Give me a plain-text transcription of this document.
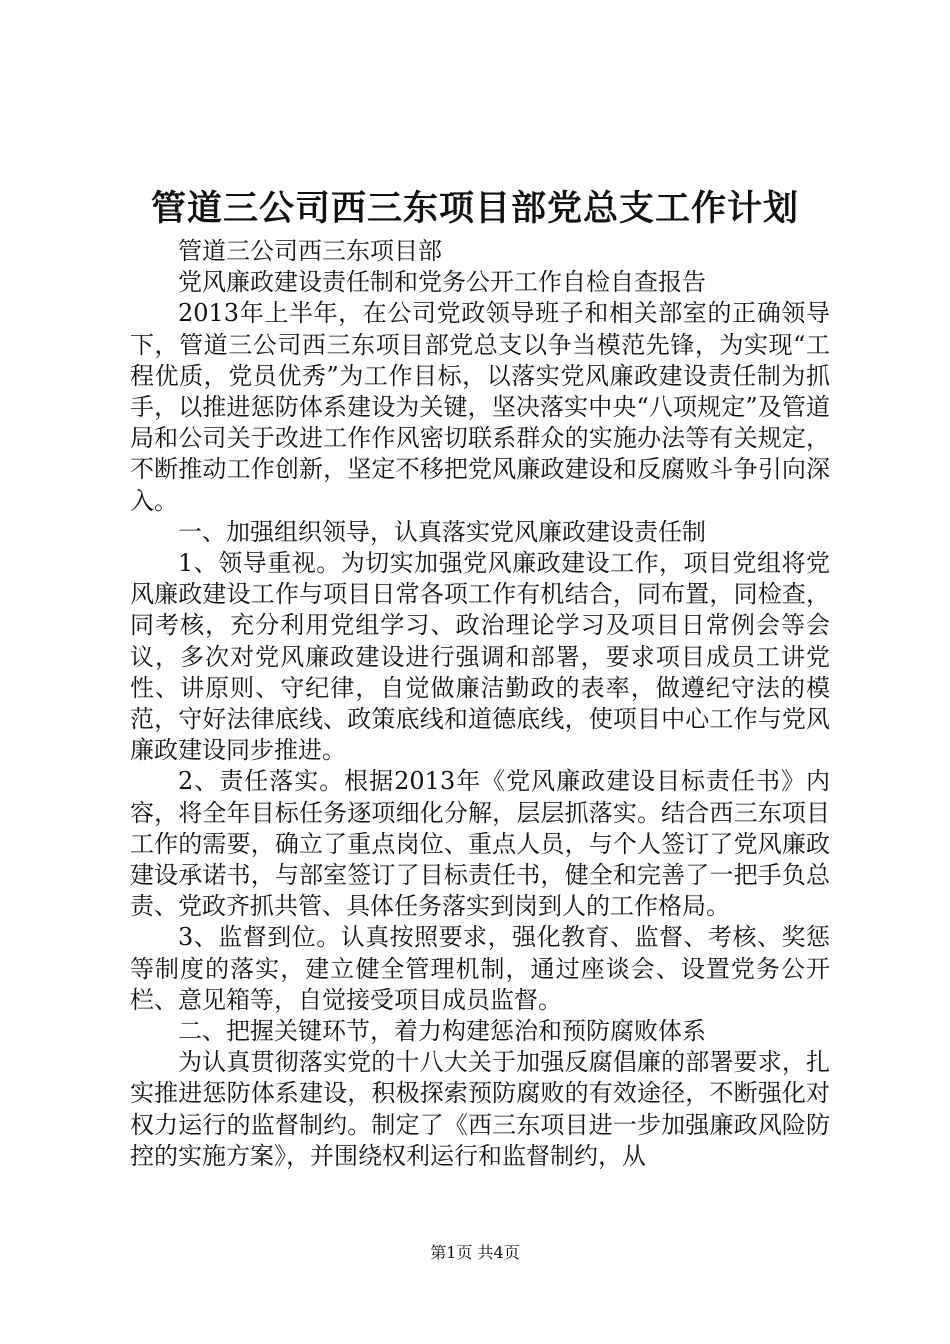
管道三公司西三东项目部党总支工作计划

管道三公司西三东项目部

党风廉政建设责任制和党务公开工作自检自查报告

2013年上半年，在公司党政领导班子和相关部室的正确领导下，管道三公司西三东项目部党总支以争当模范先锋，为实现“工程优质，党员优秀”为工作目标，以落实党风廉政建设责任制为抓手，以推进惩防体系建设为关键，坚决落实中央“八项规定”及管道局和公司关于改进工作作风密切联系群众的实施办法等有关规定，不断推动工作创新，坚定不移把党风廉政建设和反腐败斗争引向深入。

一、加强组织领导，认真落实党风廉政建设责任制

1、领导重视。为切实加强党风廉政建设工作，项目党组将党风廉政建设工作与项目日常各项工作有机结合，同布置，同检查，同考核，充分利用党组学习、政治理论学习及项目日常例会等会议，多次对党风廉政建设进行强调和部署，要求项目成员工讲党性、讲原则、守纪律，自觉做廉洁勤政的表率，做遵纪守法的模范，守好法律底线、政策底线和道德底线，使项目中心工作与党风廉政建设同步推进。

2、责任落实。根据2013年《党风廉政建设目标责任书》内容，将全年目标任务逐项细化分解，层层抓落实。结合西三东项目工作的需要，确立了重点岗位、重点人员，与个人签订了党风廉政建设承诺书，与部室签订了目标责任书，健全和完善了一把手负总责、党政齐抓共管、具体任务落实到岗到人的工作格局。

3、监督到位。认真按照要求，强化教育、监督、考核、奖惩等制度的落实，建立健全管理机制，通过座谈会、设置党务公开栏、意见箱等，自觉接受项目成员监督。

二、把握关键环节，着力构建惩治和预防腐败体系

为认真贯彻落实党的十八大关于加强反腐倡廉的部署要求，扎实推进惩防体系建设，积极探索预防腐败的有效途径，不断强化对权力运行的监督制约。制定了《西三东项目进一步加强廉政风险防控的实施方案》，并围绕权利运行和监督制约，从

第1页 共4页
